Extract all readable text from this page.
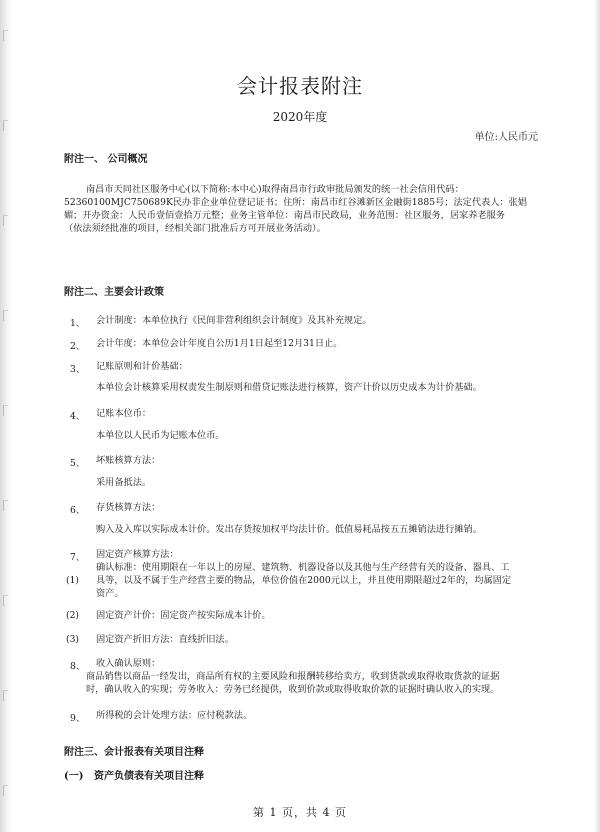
会计报表附注
2020年度
单位:人民币元
附注一、 公司概况
南昌市天同社区服务中心(以下简称:本中心)取得南昌市行政审批局颁发的统一社会信用代码：
52360100MJC750689K民办非企业单位登记证书；住所：南昌市红谷滩新区金融街1885号；法定代表人：张娼
媚；开办资金：人民币壹佰壹拾万元整；业务主管单位：南昌市民政局，业务范围：社区服务，居家养老服务
（依法须经批准的项目，经相关部门批准后方可开展业务活动）。
附注二、主要会计政策
1、 会计制度：本单位执行《民间非营利组织会计制度》及其补充规定。
2、 会计年度：本单位会计年度自公历1月1日起至12月31日止。
3、 记账原则和计价基础：
本单位会计核算采用权责发生制原则和借贷记账法进行核算，资产计价以历史成本为计价基础。
4、 记账本位币：
本单位以人民币为记账本位币。
5、 坏账核算方法：
采用备抵法。
6、 存货核算方法：
购入及入库以实际成本计价。发出存货按加权平均法计价。低值易耗品按五五摊销法进行摊销。
7、 固定资产核算方法：
(1)
确认标准：使用期限在一年以上的房屋、建筑物、机器设备以及其他与生产经营有关的设备、器具、工
具等，以及不属于生产经营主要的物品，单位价值在2000元以上，并且使用期限超过2年的，均属固定
资产。
(2) 固定资产计价：固定资产按实际成本计价。
(3) 固定资产折旧方法：直线折旧法。
8、 收入确认原则：
商品销售以商品一经发出，商品所有权的主要风险和报酬转移给卖方，收到货款或取得收取货款的证据
时，确认收入的实现；劳务收入：劳务已经提供，收到价款或取得收取价款的证据时确认收入的实现。
9、 所得税的会计处理方法：应付税款法。
附注三、会计报表有关项目注释
(一) 资产负债表有关项目注释
第 1 页，共 4 页
